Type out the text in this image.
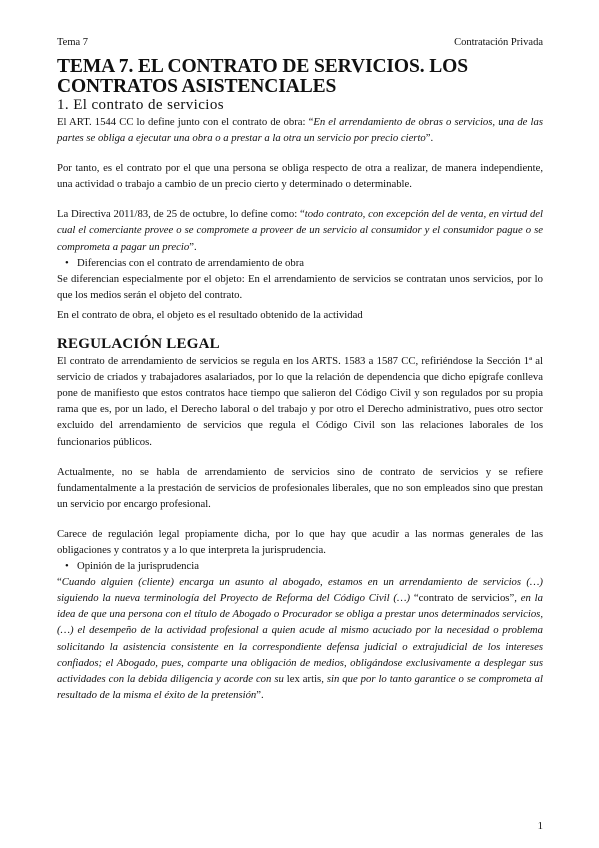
Tema 7	Contratación Privada
TEMA 7. EL CONTRATO DE SERVICIOS. LOS CONTRATOS ASISTENCIALES
1. El contrato de servicios

El ART. 1544 CC lo define junto con el contrato de obra: “En el arrendamiento de obras o servicios, una de las partes se obliga a ejecutar una obra o a prestar a la otra un servicio por precio cierto”.

Por tanto, es el contrato por el que una persona se obliga respecto de otra a realizar, de manera independiente, una actividad o trabajo a cambio de un precio cierto y determinado o determinable.

La Directiva 2011/83, de 25 de octubre, lo define como: “todo contrato, con excepción del de venta, en virtud del cual el comerciante provee o se compromete a proveer de un servicio al consumidor y el consumidor pague o se comprometa a pagar un precio”.

• Diferencias con el contrato de arrendamiento de obra

Se diferencian especialmente por el objeto: En el arrendamiento de servicios se contratan unos servicios, por lo que los medios serán el objeto del contrato.

En el contrato de obra, el objeto es el resultado obtenido de la actividad

REGULACIÓN LEGAL

El contrato de arrendamiento de servicios se regula en los ARTS. 1583 a 1587 CC, refiriéndose la Sección 1ª al servicio de criados y trabajadores asalariados, por lo que la relación de dependencia que dicho epígrafe conlleva pone de manifiesto que estos contratos hace tiempo que salieron del Código Civil y son regulados por su propia rama que es, por un lado, el Derecho laboral o del trabajo y por otro el Derecho administrativo, pues otro sector excluido del arrendamiento de servicios que regula el Código Civil son las relaciones laborales de los funcionarios públicos.

Actualmente, no se habla de arrendamiento de servicios sino de contrato de servicios y se refiere fundamentalmente a la prestación de servicios de profesionales liberales, que no son empleados sino que prestan un servicio por encargo profesional.

Carece de regulación legal propiamente dicha, por lo que hay que acudir a las normas generales de las obligaciones y contratos y a lo que interpreta la jurisprudencia.

• Opinión de la jurisprudencia

“Cuando alguien (cliente) encarga un asunto al abogado, estamos en un arrendamiento de servicios (…) siguiendo la nueva terminología del Proyecto de Reforma del Código Civil (…) “contrato de servicios”, en la idea de que una persona con el título de Abogado o Procurador se obliga a prestar unos determinados servicios,(…) el desempeño de la actividad profesional a quien acude al mismo acuciado por la necesidad o problema solicitando la asistencia consistente en la correspondiente defensa judicial o extrajudicial de los intereses confiados; el Abogado, pues, comparte una obligación de medios, obligándose exclusivamente a desplegar sus actividades con la debida diligencia y acorde con su lex artis, sin que por lo tanto garantice o se comprometa al resultado de la misma el éxito de la pretensión”.

1
